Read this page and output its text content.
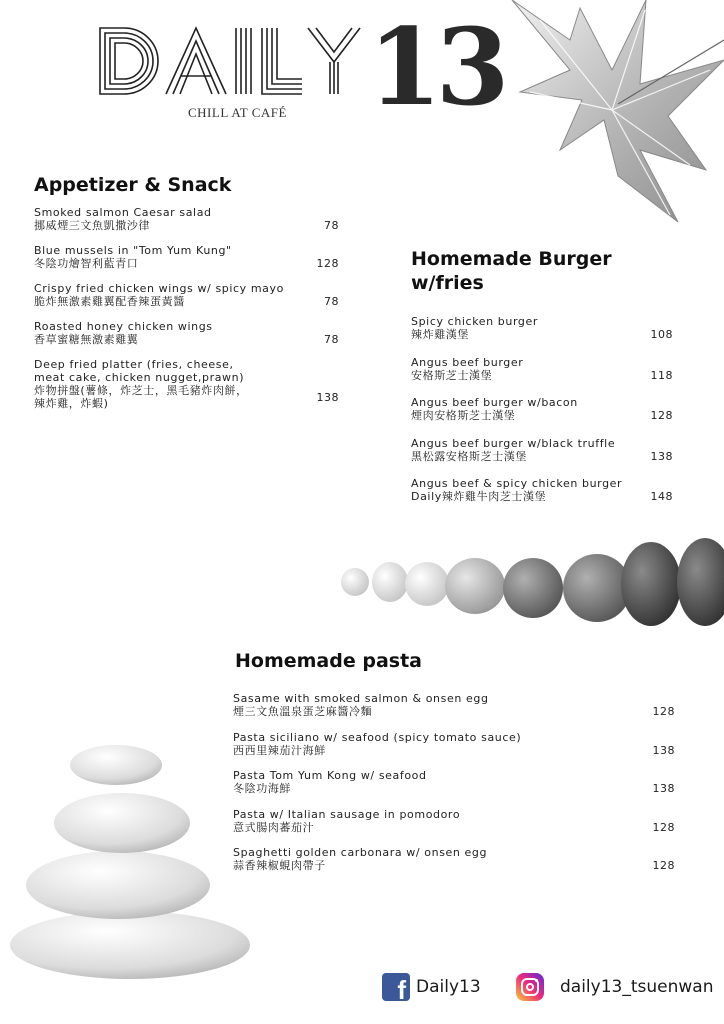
13
CHILL AT CAFÉ
Appetizer & Snack
Smoked salmon Caesar salad
挪威煙三文魚凱撒沙律	78
Blue mussels in "Tom Yum Kung"
冬陰功燴智利藍青口	128
Crispy fried chicken wings w/ spicy mayo
脆炸無激素雞翼配香辣蛋黃醬	78
Roasted honey chicken wings
香草蜜糖無激素雞翼	78
Deep fried platter (fries, cheese,
meat cake, chicken nugget,prawn)
炸物拼盤(薯條，炸芝士，黑毛豬炸肉餅，
辣炸雞，炸蝦)	138
Homemade Burger w/fries
Spicy chicken burger
辣炸雞漢堡	108
Angus beef burger
安格斯芝士漢堡	118
Angus beef burger w/bacon
煙肉安格斯芝士漢堡	128
Angus beef burger w/black truffle
黑松露安格斯芝士漢堡	138
Angus beef & spicy chicken burger
Daily辣炸雞牛肉芝士漢堡	148
Homemade pasta
Sasame with smoked salmon & onsen egg
煙三文魚溫泉蛋芝麻醬冷麵	128
Pasta siciliano w/ seafood (spicy tomato sauce)
西西里辣茄汁海鮮	138
Pasta Tom Yum Kong w/ seafood
冬陰功海鮮	138
Pasta w/ Italian sausage in pomodoro
意式腸肉蕃茄汁	128
Spaghetti golden carbonara w/ onsen egg
蒜香辣椒蜆肉帶子	128
f Daily13	daily13_tsuenwan
